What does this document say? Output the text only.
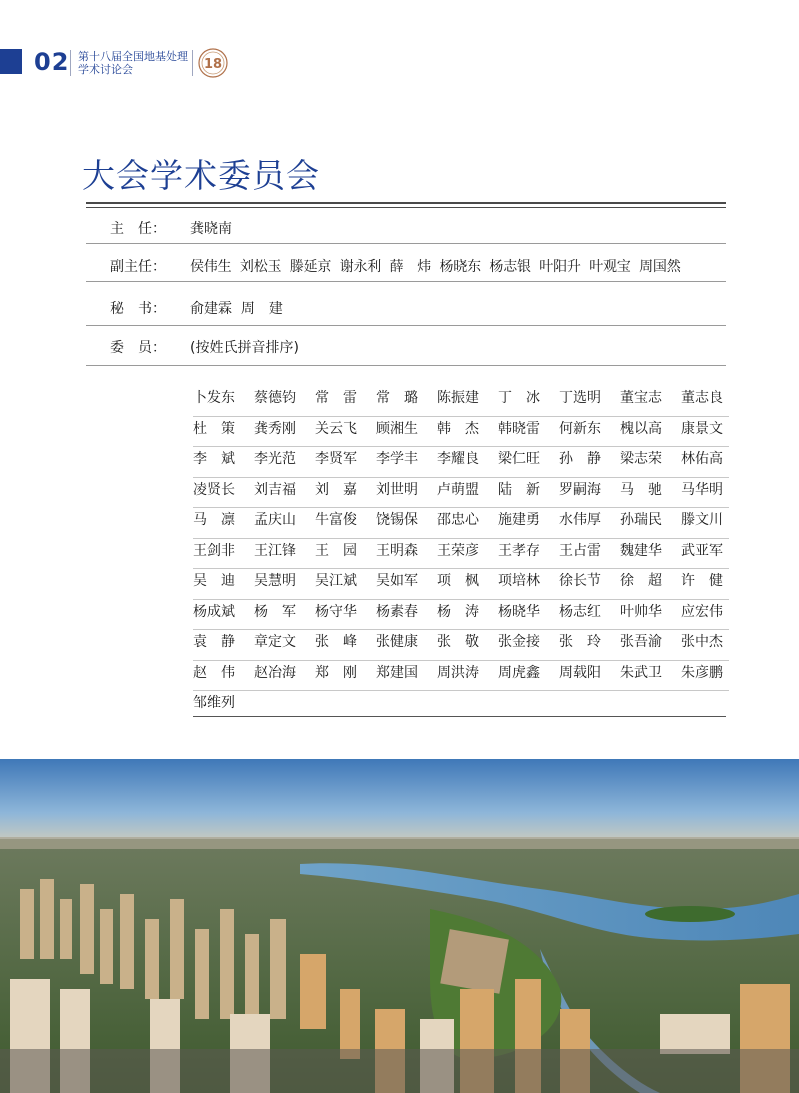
02 第十八届全国地基处理
学术讨论会	18
大会学术委员会
主　任： 龚晓南
副主任： 侯伟生  刘松玉  滕延京  谢永利  薛　炜  杨晓东  杨志银  叶阳升  叶观宝  周国然
秘　书： 俞建霖  周　建
委　员： (按姓氏拼音排序)
卜发东	蔡德钧	常　雷	常　璐	陈振建	丁　冰	丁选明	董宝志	董志良
杜　策	龚秀刚	关云飞	顾湘生	韩　杰	韩晓雷	何新东	槐以高	康景文
李　斌	李光范	李贤军	李学丰	李耀良	梁仁旺	孙　静	梁志荣	林佑高
凌贤长	刘吉福	刘　嘉	刘世明	卢萌盟	陆　新	罗嗣海	马　驰	马华明
马　凛	孟庆山	牛富俊	饶锡保	邵忠心	施建勇	水伟厚	孙瑞民	滕文川
王剑非	王江锋	王　园	王明森	王荣彦	王孝存	王占雷	魏建华	武亚军
吴　迪	吴慧明	吴江斌	吴如军	项　枫	项培林	徐长节	徐　超	许　健
杨成斌	杨　军	杨守华	杨素春	杨　涛	杨晓华	杨志红	叶帅华	应宏伟
袁　静	章定文	张　峰	张健康	张　敬	张金接	张　玲	张吾渝	张中杰
赵　伟	赵冶海	郑　刚	郑建国	周洪涛	周虎鑫	周载阳	朱武卫	朱彦鹏
邹维列
